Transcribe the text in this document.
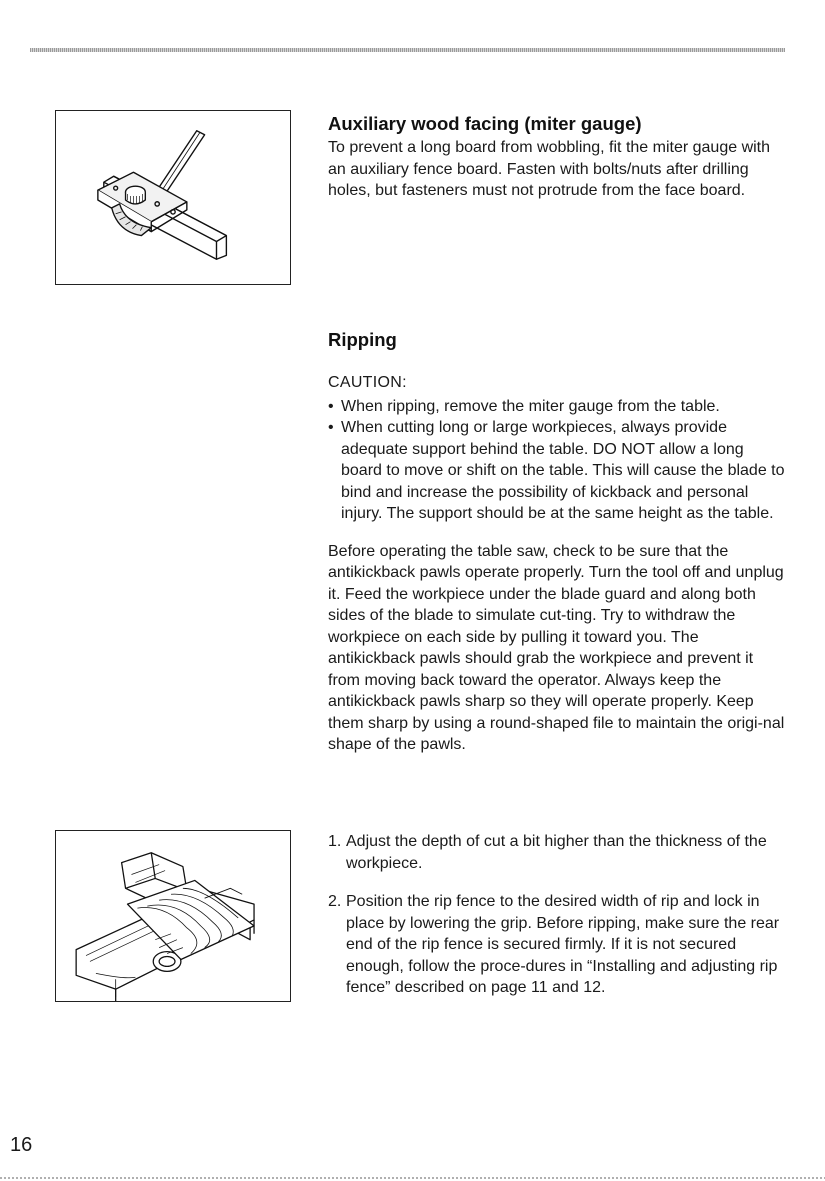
Auxiliary wood facing (miter gauge)

To prevent a long board from wobbling, fit the miter gauge with an auxiliary fence board. Fasten with bolts/nuts after drilling holes, but fasteners must not protrude from the face board.

Ripping

CAUTION:

• When ripping, remove the miter gauge from the table.
• When cutting long or large workpieces, always provide adequate support behind the table. DO NOT allow a long board to move or shift on the table. This will cause the blade to bind and increase the possibility of kickback and personal injury. The support should be at the same height as the table.

Before operating the table saw, check to be sure that the antikickback pawls operate properly. Turn the tool off and unplug it. Feed the workpiece under the blade guard and along both sides of the blade to simulate cut-ting. Try to withdraw the workpiece on each side by pulling it toward you. The antikickback pawls should grab the workpiece and prevent it from moving back toward the operator. Always keep the antikickback pawls sharp so they will operate properly. Keep them sharp by using a round-shaped file to maintain the origi-nal shape of the pawls.

1. Adjust the depth of cut a bit higher than the thickness of the workpiece.
2. Position the rip fence to the desired width of rip and lock in place by lowering the grip. Before ripping, make sure the rear end of the rip fence is secured firmly. If it is not secured enough, follow the proce-dures in “Installing and adjusting rip fence” described on page 11 and 12.
16
